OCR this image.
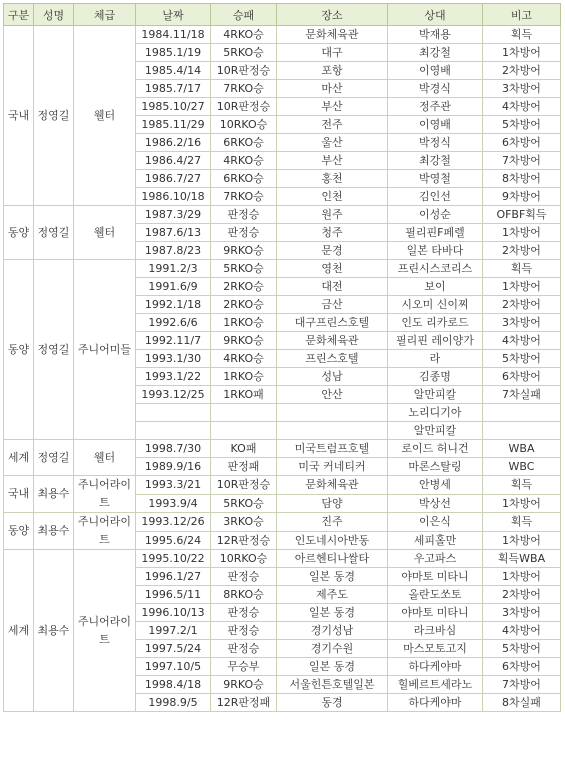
구분	성명	체급	날짜	승패	장소	상대	비고
국내	정영길	웰터	1984.11/18	4RKO승	문화체육관	박재용	획득
			1985.1/19	5RKO승	대구	최강철	1차방어
			1985.4/14	10R판정승	포항	이영배	2차방어
			1985.7/17	7RKO승	마산	박경식	3차방어
			1985.10/27	10R판정승	부산	정주관	4차방어
			1985.11/29	10RKO승	전주	이영배	5차방어
			1986.2/16	6RKO승	울산	박정식	6차방어
			1986.4/27	4RKO승	부산	최강철	7차방어
			1986.7/27	6RKO승	홍천	박영철	8차방어
			1986.10/18	7RKO승	인천	김인선	9차방어
동양	정영길	웰터	1987.3/29	판정승	원주	이성순	OFBF획득
			1987.6/13	판정승	청주	필리핀F페렐	1차방어
			1987.8/23	9RKO승	문경	일본 타바다	2차방어
동양	정영길	주니어미들	1991.2/3	5RKO승	영천	프린시스코리스	획득
			1991.6/9	2RKO승	대전	보이	1차방어
			1992.1/18	2RKO승	금산	시오미 신이찌	2차방어
			1992.6/6	1RKO승	대구프린스호텔	인도 리카로드	3차방어
			1992.11/7	9RKO승	문화체육관	필리핀 레이양가	4차방어
			1993.1/30	4RKO승	프린스호텔	라	5차방어
			1993.1/22	1RKO승	성남	김종명	6차방어
			1993.12/25	1RKO패	안산	알만피칼	7차실패
						노리디기아	
						알만피칼	
세계	정영길	웰터	1998.7/30	KO패	미국트럼프호텔	로이드 허니건	WBA
			1989.9/16	판정패	미국 커네티커	마론스탈링	WBC
국내	최용수	주니어라이트	1993.3/21	10R판정승	문화체육관	안병세	획득
			1993.9/4	5RKO승	담양	박상선	1차방어
동양	최용수	주니어라이트	1993.12/26	3RKO승	진주	이은식	획득
			1995.6/24	12R판정승	인도네시아반동	세피홀만	1차방어
세계	최용수	주니어라이트	1995.10/22	10RKO승	아르헨티나쌀타	우고파스	획득WBA
			1996.1/27	판정승	일본 동경	야마토 미타니	1차방어
			1996.5/11	8RKO승	제주도	올란도쏘토	2차방어
			1996.10/13	판정승	일본 동경	야마토 미타니	3차방어
			1997.2/1	판정승	경기성남	라크바심	4차방어
			1997.5/24	판정승	경기수원	마스모토고지	5차방어
			1997.10/5	무승부	일본 동경	하다케야마	6차방어
			1998.4/18	9RKO승	서울힌튼호텔일본	힐베르트세라노	7차방어
			1998.9/5	12R판정패	동경	하다케야마	8차실패
